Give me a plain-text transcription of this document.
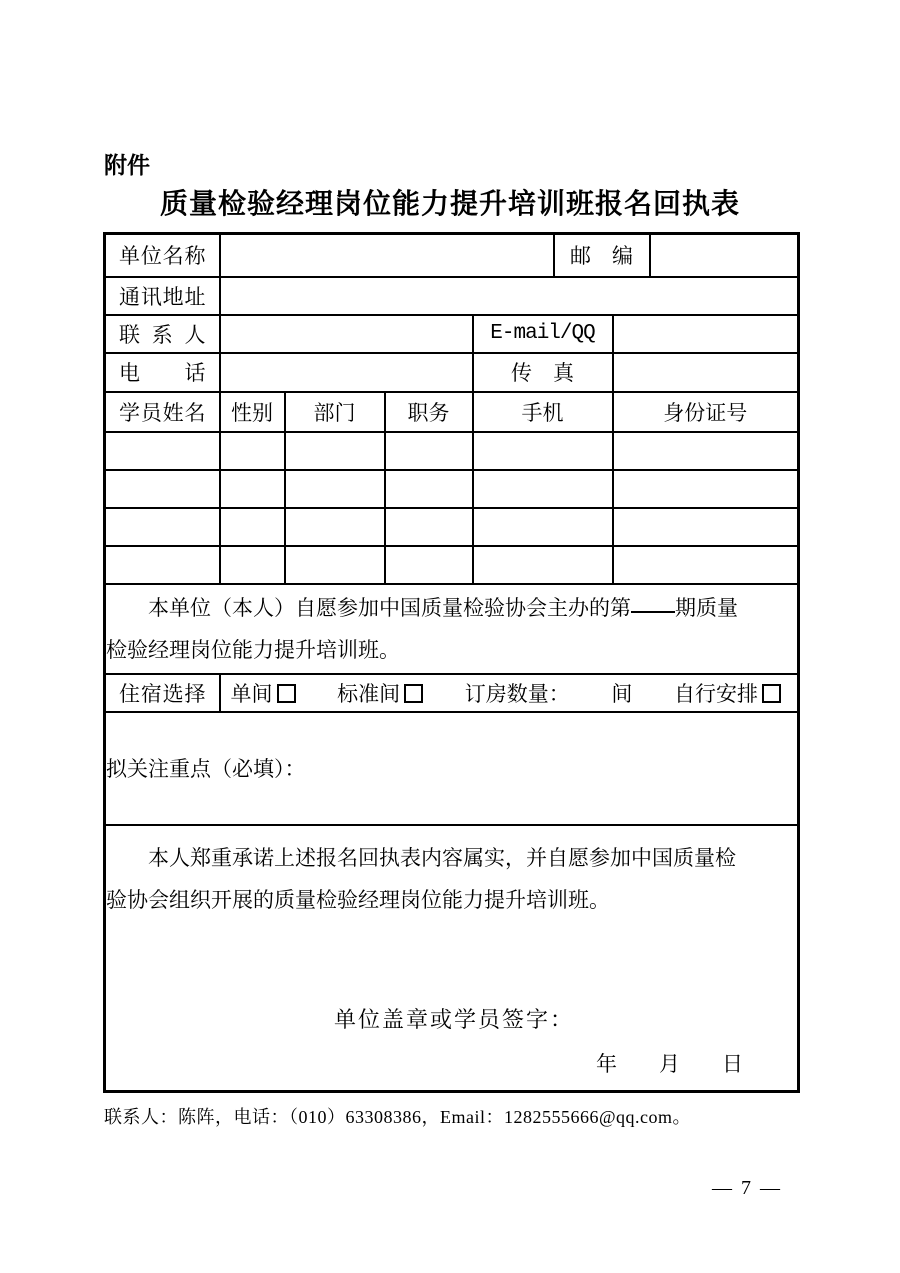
附件
质量检验经理岗位能力提升培训班报名回执表
单位名称					邮　编		
通讯地址							
联系人				E-mail/QQ			
电话				传　真			
学员姓名	性别	部门	职务	手机		身份证号	

本单位（本人）自愿参加中国质量检验协会主办的第 期质量
检验经理岗位能力提升培训班。							

住宿选择	单间 标准间 订房数量： 间 自行安排						

拟关注重点（必填）：							

本人郑重承诺上述报名回执表内容属实，并自愿参加中国质量检
验协会组织开展的质量检验经理岗位能力提升培训班。
单位盖章或学员签字：
年　　月　　日							
联系人：陈阵，电话：（010）63308386，Email：1282555666@qq.com。
— 7 —
